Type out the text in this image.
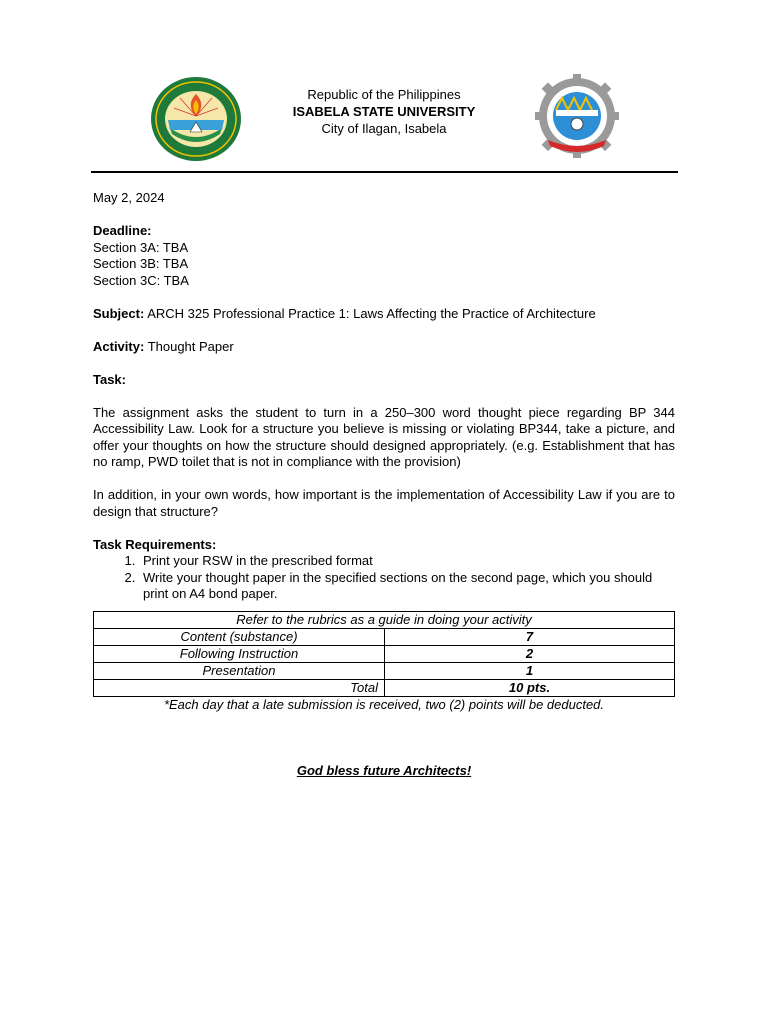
Republic of the Philippines
ISABELA STATE UNIVERSITY
City of Ilagan, Isabela

May 2, 2024

Deadline:

Section 3A: TBA

Section 3B: TBA

Section 3C: TBA

Subject: ARCH 325 Professional Practice 1: Laws Affecting the Practice of Architecture

Activity: Thought Paper

Task:

The assignment asks the student to turn in a 250–300 word thought piece regarding BP 344 Accessibility Law. Look for a structure you believe is missing or violating BP344, take a picture, and offer your thoughts on how the structure should designed appropriately. (e.g. Establishment that has no ramp, PWD toilet that is not in compliance with the provision)

In addition, in your own words, how important is the implementation of Accessibility Law if you are to design that structure?

Task Requirements:

1. Print your RSW in the prescribed format
2. Write your thought paper in the specified sections on the second page, which you should print on A4 bond paper.
Refer to the rubrics as a guide in doing your activity	
Content (substance)	7
Following Instruction	2
Presentation	1
Total	10 pts.

*Each day that a late submission is received, two (2) points will be deducted.

God bless future Architects!
